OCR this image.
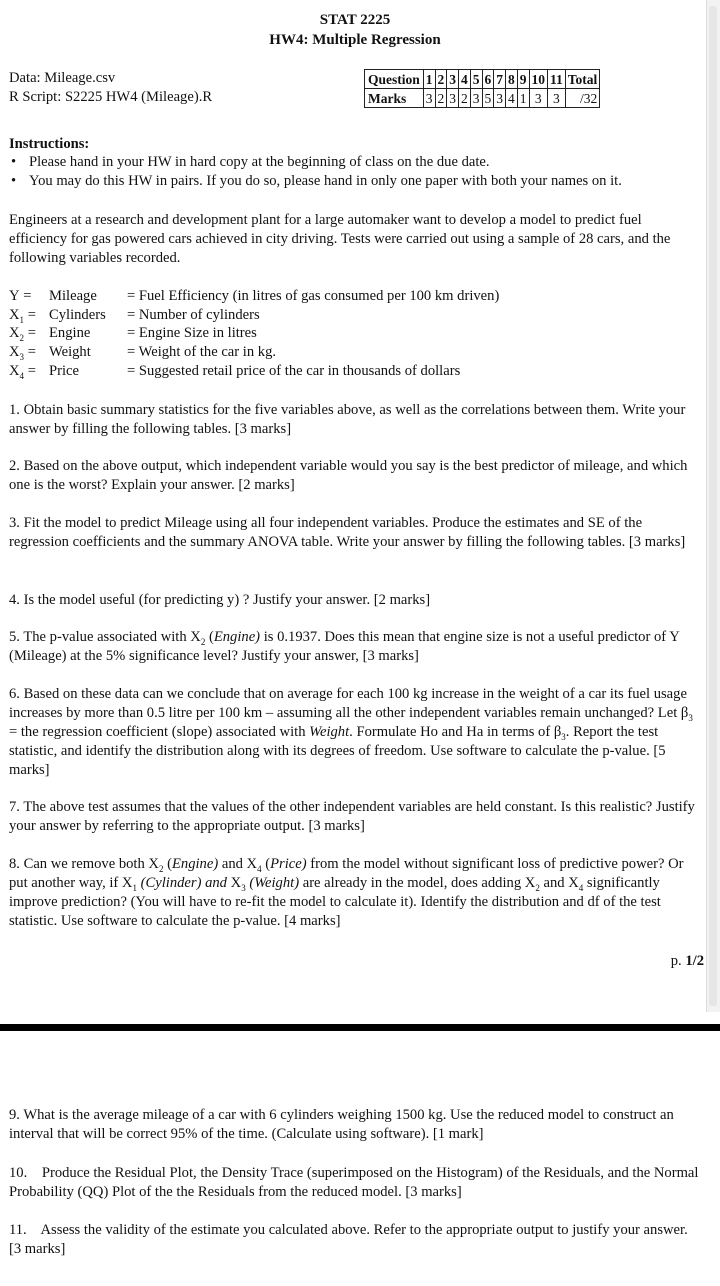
STAT 2225
HW4: Multiple Regression
Data: Mileage.csv
R Script: S2225 HW4 (Mileage).R
Question	1	2	3	4	5	6	7	8	9	10	11	Total
Marks	3	2	3	2	3	5	3	4	1	3	3	/32
Instructions:
• Please hand in your HW in hard copy at the beginning of class on the due date.
• You may do this HW in pairs. If you do so, please hand in only one paper with both your names on it.
Engineers at a research and development plant for a large automaker want to develop a model to predict fuel efficiency for gas powered cars achieved in city driving. Tests were carried out using a sample of 28 cars, and the following variables recorded.
Y =	Mileage	= Fuel Efficiency (in litres of gas consumed per 100 km driven)
$X_1$ = Cylinders	= Number of cylinders
$X_2$ = Engine	= Engine Size in litres
$X_3$ = Weight	= Weight of the car in kg.
$X_4$ = Price	= Suggested retail price of the car in thousands of dollars
1. Obtain basic summary statistics for the five variables above, as well as the correlations between them. Write your answer by filling the following tables. [3 marks]
2. Based on the above output, which independent variable would you say is the best predictor of mileage, and which one is the worst? Explain your answer. [2 marks]
3. Fit the model to predict Mileage using all four independent variables. Produce the estimates and SE of the regression coefficients and the summary ANOVA table. Write your answer by filling the following tables. [3 marks]
4. Is the model useful (for predicting y) ? Justify your answer. [2 marks]
5. The p-value associated with $X_2$ (Engine) is 0.1937. Does this mean that engine size is not a useful predictor of Y (Mileage) at the 5% significance level? Justify your answer, [3 marks]
6. Based on these data can we conclude that on average for each 100 kg increase in the weight of a car its fuel usage increases by more than 0.5 litre per 100 km – assuming all the other independent variables remain unchanged? Let $\beta_3$ = the regression coefficient (slope) associated with Weight. Formulate Ho and Ha in terms of $\beta_3$. Report the test statistic, and identify the distribution along with its degrees of freedom. Use software to calculate the p-value. [5 marks]
7. The above test assumes that the values of the other independent variables are held constant. Is this realistic? Justify your answer by referring to the appropriate output. [3 marks]
8. Can we remove both $X_2$ (Engine) and $X_4$ (Price) from the model without significant loss of predictive power? Or put another way, if $X_1$ (Cylinder) and $X_3$ (Weight) are already in the model, does adding $X_2$ and $X_4$ significantly improve prediction? (You will have to re-fit the model to calculate it). Identify the distribution and df of the test statistic. Use software to calculate the p-value. [4 marks]
p. 1/2
9. What is the average mileage of a car with 6 cylinders weighing 1500 kg. Use the reduced model to construct an interval that will be correct 95% of the time. (Calculate using software). [1 mark]
10. Produce the Residual Plot, the Density Trace (superimposed on the Histogram) of the Residuals, and the Normal Probability (QQ) Plot of the the Residuals from the reduced model. [3 marks]
11. Assess the validity of the estimate you calculated above. Refer to the appropriate output to justify your answer. [3 marks]
